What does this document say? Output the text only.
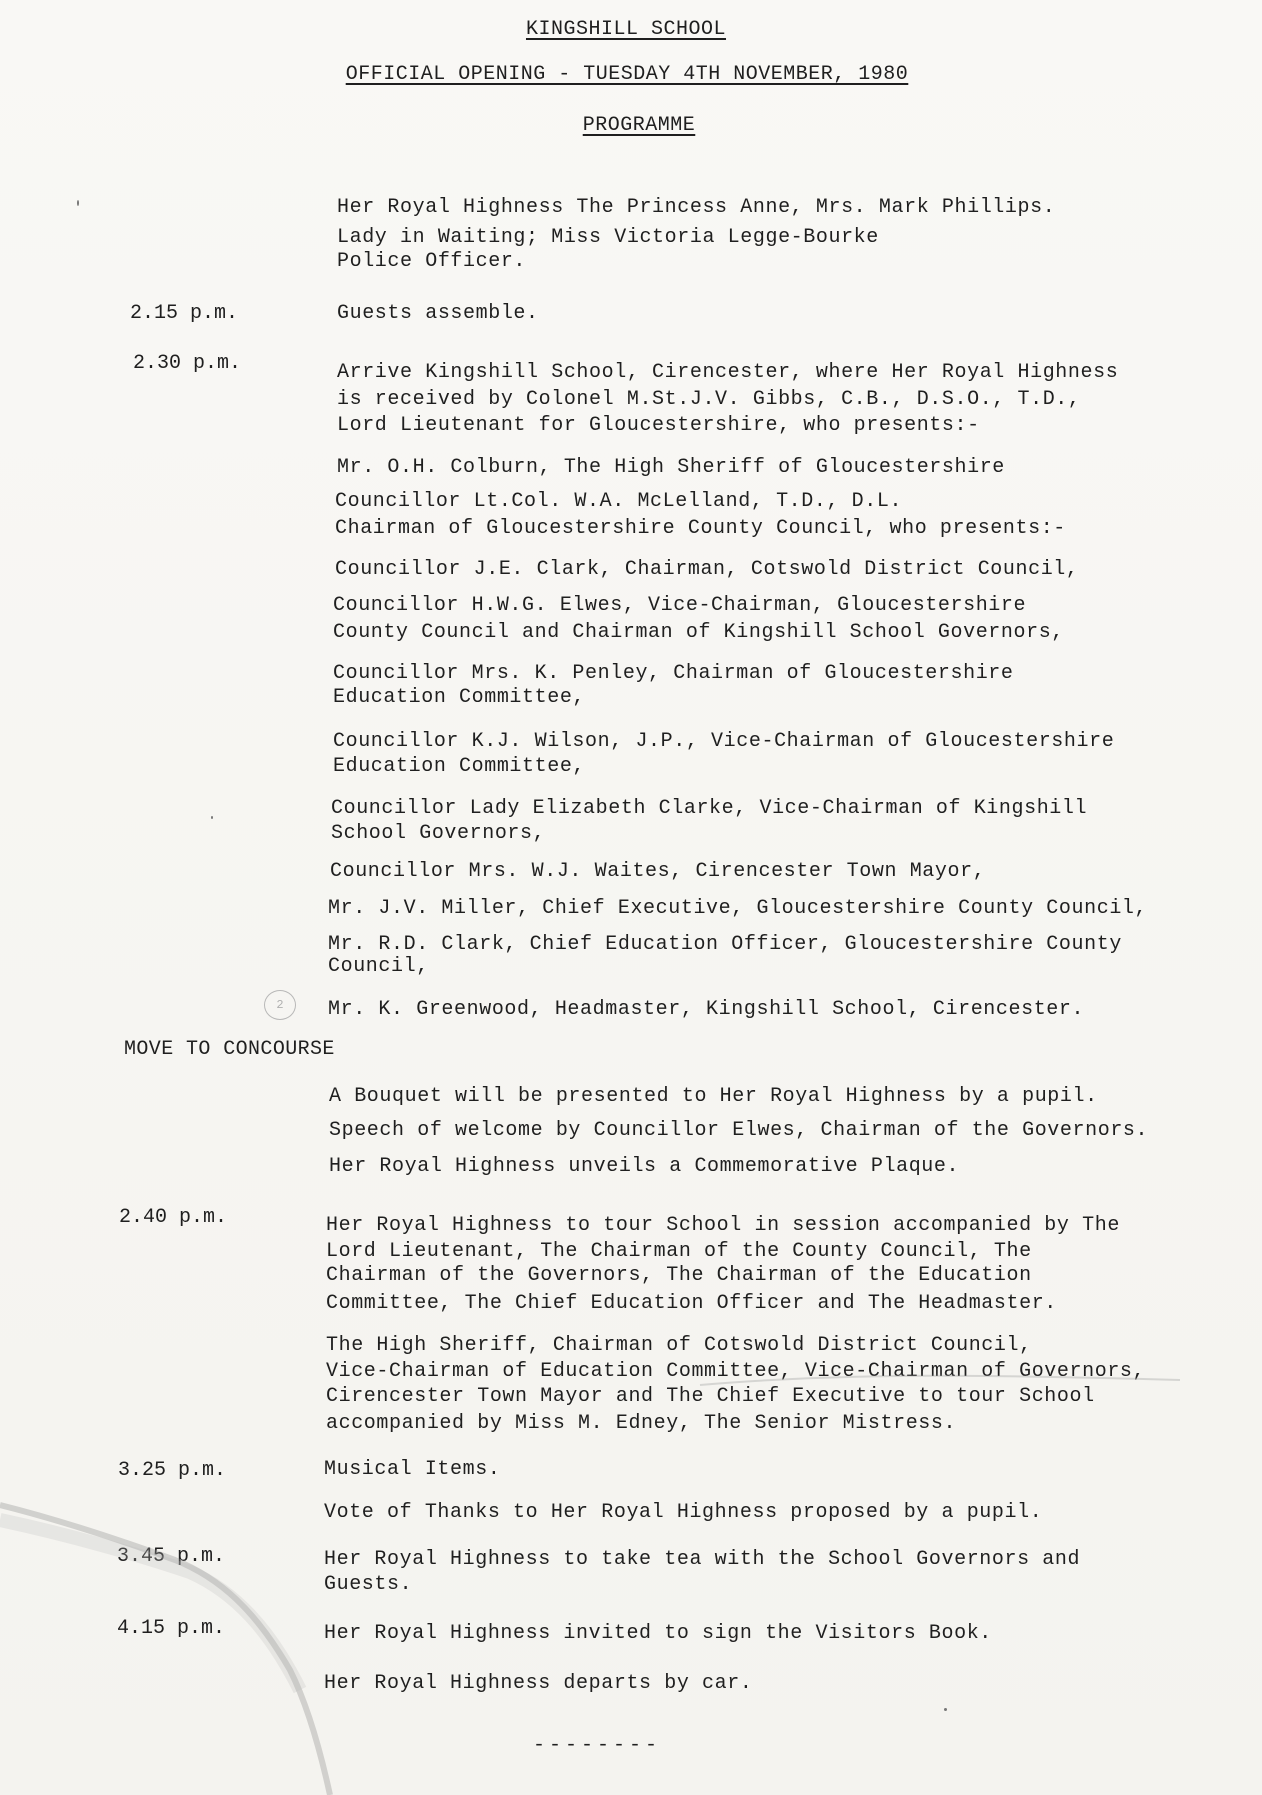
KINGSHILL SCHOOL
OFFICIAL OPENING - TUESDAY 4TH NOVEMBER, 1980
PROGRAMME
Her Royal Highness The Princess Anne, Mrs. Mark Phillips.
Lady in Waiting; Miss Victoria Legge-Bourke
Police Officer.
2.15 p.m.	Guests assemble.
2.30 p.m.	Arrive Kingshill School, Cirencester, where Her Royal Highness
is received by Colonel M.St.J.V. Gibbs, C.B., D.S.O., T.D.,
Lord Lieutenant for Gloucestershire, who presents:-
Mr. O.H. Colburn, The High Sheriff of Gloucestershire
Councillor Lt.Col. W.A. McLelland, T.D., D.L.
Chairman of Gloucestershire County Council, who presents:-
Councillor J.E. Clark, Chairman, Cotswold District Council,
Councillor H.W.G. Elwes, Vice-Chairman, Gloucestershire
County Council and Chairman of Kingshill School Governors,
Councillor Mrs. K. Penley, Chairman of Gloucestershire
Education Committee,
Councillor K.J. Wilson, J.P., Vice-Chairman of Gloucestershire
Education Committee,
Councillor Lady Elizabeth Clarke, Vice-Chairman of Kingshill
School Governors,
Councillor Mrs. W.J. Waites, Cirencester Town Mayor,
Mr. J.V. Miller, Chief Executive, Gloucestershire County Council,
Mr. R.D. Clark, Chief Education Officer, Gloucestershire County
Council,
2	Mr. K. Greenwood, Headmaster, Kingshill School, Cirencester.
MOVE TO CONCOURSE
A Bouquet will be presented to Her Royal Highness by a pupil.
Speech of welcome by Councillor Elwes, Chairman of the Governors.
Her Royal Highness unveils a Commemorative Plaque.
2.40 p.m.	Her Royal Highness to tour School in session accompanied by The
Lord Lieutenant, The Chairman of the County Council, The
Chairman of the Governors, The Chairman of the Education
Committee, The Chief Education Officer and The Headmaster.
The High Sheriff, Chairman of Cotswold District Council,
Vice-Chairman of Education Committee, Vice-Chairman of Governors,
Cirencester Town Mayor and The Chief Executive to tour School
accompanied by Miss M. Edney, The Senior Mistress.
3.25 p.m.	Musical Items.
Vote of Thanks to Her Royal Highness proposed by a pupil.
3.45 p.m.	Her Royal Highness to take tea with the School Governors and
Guests.
4.15 p.m.	Her Royal Highness invited to sign the Visitors Book.
Her Royal Highness departs by car.
--------
